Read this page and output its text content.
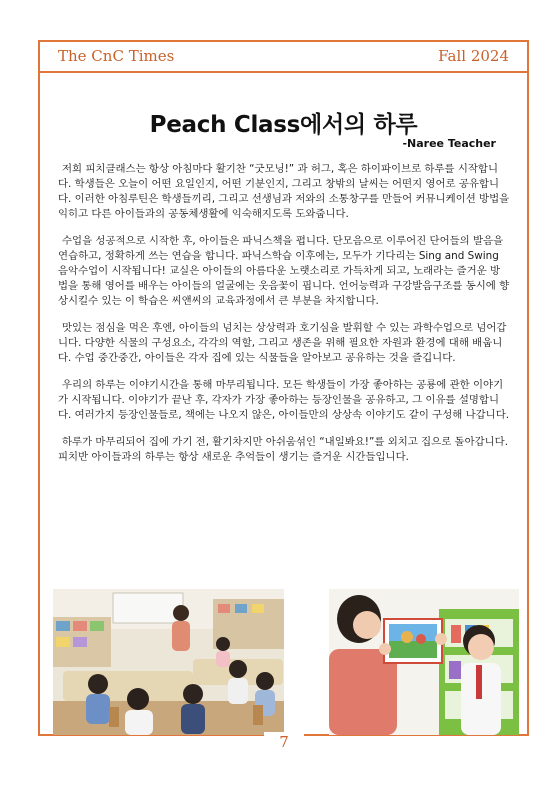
The CnC Times	Fall 2024
Peach Class에서의 하루
-Naree Teacher

저희 피치클래스는 항상 아침마다 활기찬 “굿모닝!” 과 허그, 혹은 하이파이브로 하루를 시작합니다. 학생들은 오늘이 어떤 요일인지, 어떤 기분인지, 그리고 창밖의 날씨는 어떤지 영어로 공유합니다. 이러한 아침루틴은 학생들끼리, 그리고 선생님과 저와의 소통창구를 만들어 커뮤니케이션 방법을 익히고 다른 아이들과의 공동체생활에 익숙해지도록 도와줍니다.

수업을 성공적으로 시작한 후, 아이들은 파닉스책을 폅니다. 단모음으로 이루어진 단어들의 발음을 연습하고, 정확하게 쓰는 연습을 합니다. 파닉스학습 이후에는, 모두가 기다리는 Sing and Swing 음악수업이 시작됩니다! 교실은 아이들의 아름다운 노랫소리로 가득차게 되고, 노래라는 즐거운 방법을 통해 영어를 배우는 아이들의 얼굴에는 웃음꽃이 핍니다. 언어능력과 구강발음구조를 동시에 향상시킬수 있는 이 학습은 씨앤씨의 교육과정에서 큰 부분을 차지합니다.

맛있는 점심을 먹은 후엔, 아이들의 넘치는 상상력과 호기심을 발휘할 수 있는 과학수업으로 넘어갑니다. 다양한 식물의 구성요소, 각각의 역할, 그리고 생존을 위해 필요한 자원과 환경에 대해 배웁니다. 수업 중간중간, 아이들은 각자 집에 있는 식물들을 알아보고 공유하는 것을 즐깁니다.

우리의 하루는 이야기시간을 통해 마무리됩니다. 모든 학생들이 가장 좋아하는 공룡에 관한 이야기가 시작됩니다. 이야기가 끝난 후, 각자가 가장 좋아하는 등장인물을 공유하고, 그 이유를 설명합니다. 여러가지 등장인물들로, 책에는 나오지 않은, 아이들만의 상상속 이야기도 같이 구성해 나갑니다.

하루가 마무리되어 집에 가기 전, 활기차지만 아쉬움섞인 “내일봐요!”를 외치고 집으로 돌아갑니다. 피치반 아이들과의 하루는 항상 새로운 추억들이 생기는 즐거운 시간들입니다.

7
